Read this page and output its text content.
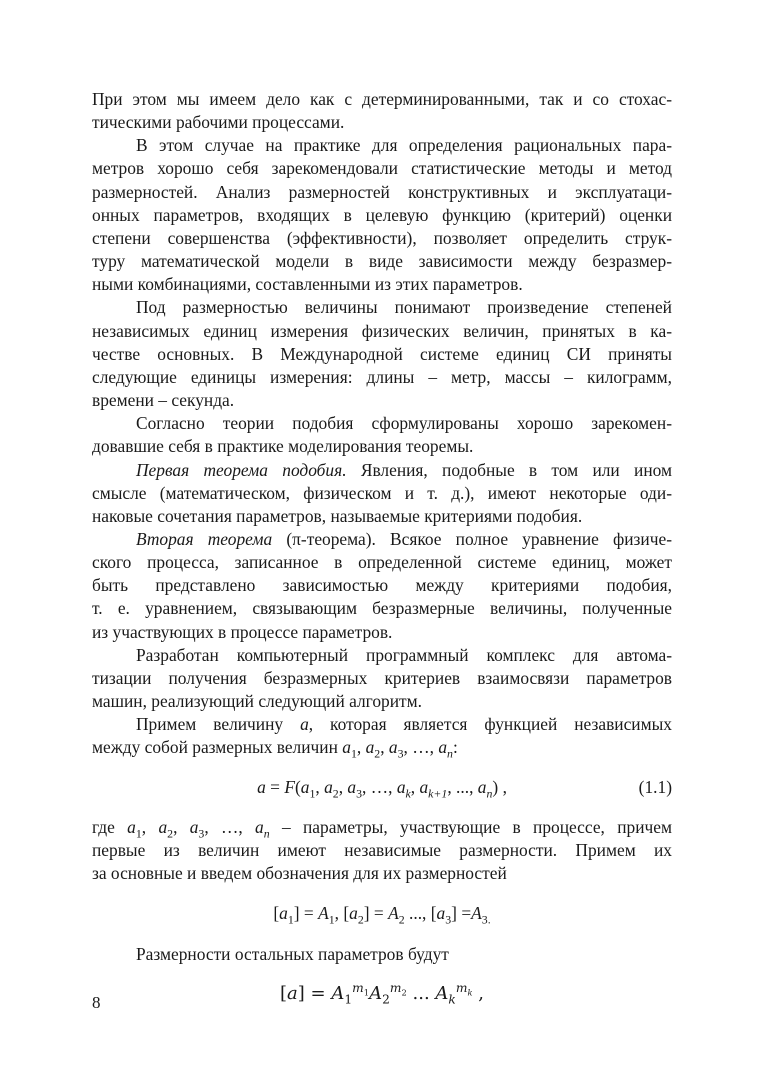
При этом мы имеем дело как с детерминированными, так и со стохас-
тическими рабочими процессами.

В этом случае на практике для определения рациональных пара-
метров хорошо себя зарекомендовали статистические методы и метод
размерностей. Анализ размерностей конструктивных и эксплуатаци-
онных параметров, входящих в целевую функцию (критерий) оценки
степени совершенства (эффективности), позволяет определить струк-
туру математической модели в виде зависимости между безразмер-
ными комбинациями, составленными из этих параметров.

Под размерностью величины понимают произведение степеней
независимых единиц измерения физических величин, принятых в ка-
честве основных. В Международной системе единиц СИ приняты
следующие единицы измерения: длины – метр, массы – килограмм,
времени – секунда.

Согласно теории подобия сформулированы хорошо зарекомен-
довавшие себя в практике моделирования теоремы.

Первая теорема подобия. Явления, подобные в том или ином
смысле (математическом, физическом и т. д.), имеют некоторые оди-
наковые сочетания параметров, называемые критериями подобия.

Вторая теорема (π-теорема). Всякое полное уравнение физиче-
ского процесса, записанное в определенной системе единиц, может
быть представлено зависимостью между критериями подобия,
т. е. уравнением, связывающим безразмерные величины, полученные
из участвующих в процессе параметров.

Разработан компьютерный программный комплекс для автома-
тизации получения безразмерных критериев взаимосвязи параметров
машин, реализующий следующий алгоритм.

Примем величину a, которая является функцией независимых
между собой размерных величин $a_1$, $a_2$, $a_3$, …, $a_n$:

$a = F(a_1$, $a_2$, $a_3$, …, $a_k$, $a_{k+1}$, ..., $a_n$) ,	(1.1)

где $a_1$, $a_2$, $a_3$, …, $a_n$ – параметры, участвующие в процессе, причем
первые из величин имеют независимые размерности. Примем их
за основные и введем обозначения для их размерностей

$[a_1] = A_1$, $[a_2] = A_2$ ..., $[a_3] =A_{3.}$

Размерности остальных параметров будут

$[a] = A_1^{m_1}A_2^{m_2}$ ... $A_k^{m_k}$ ,
8
